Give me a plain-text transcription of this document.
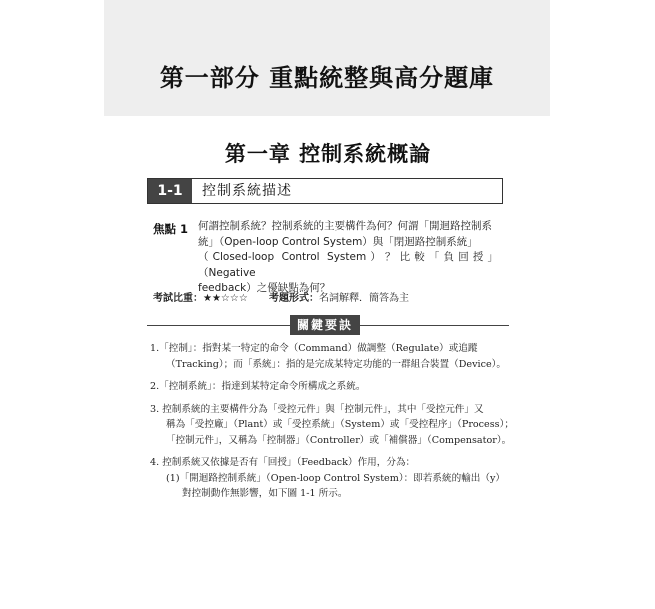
第一部分 重點統整與高分題庫
第一章 控制系統概論
1-1	控制系統描述
焦點 1 何謂控制系統？控制系統的主要構件為何？何謂「開迴路控制系
統」（Open-loop Control System）與「閉迴路控制系統」
（Closed-loop Control System）？比較「負回授」（Negative
feedback）之優缺點為何？
考試比重：★★☆☆☆ 考題形式：名詞解釋．簡答為主
關鍵要訣
1.「控制」：指對某一特定的命令（Command）做調整（Regulate）或追蹤
（Tracking）；而「系統」：指的是完成某特定功能的一群組合裝置（Device）。
2.「控制系統」：指達到某特定命令所構成之系統。
3. 控制系統的主要構件分為「受控元件」與「控制元件」，其中「受控元件」又
稱為「受控廠」（Plant）或「受控系統」（System）或「受控程序」（Process）；
「控制元件」，又稱為「控制器」（Controller）或「補償器」（Compensator）。
4. 控制系統又依據是否有「回授」（Feedback）作用，分為：
(1)「開迴路控制系統」（Open-loop Control System）：即若系統的輸出（y）
對控制動作無影響，如下圖 1-1 所示。
